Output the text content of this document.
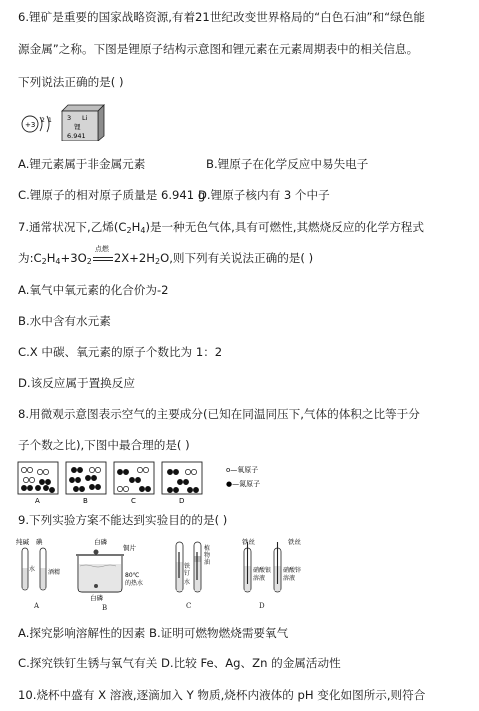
6.锂矿是重要的国家战略资源,有着21世纪改变世界格局的“白色石油”和“绿色能
源金属”之称。下图是锂原子结构示意图和锂元素在元素周期表中的相关信息。
下列说法正确的是( )
+3
2 1 3 Li
锂
6.941
A.锂元素属于非金属元素	B.锂原子在化学反应中易失电子
C.锂原子的相对原子质量是 6.941 g
D.锂原子核内有 3 个中子
7.通常状况下,乙烯$(C_2H_4)$是一种无色气体,具有可燃性,其燃烧反应的化学方程式
为$:C_2H_4+3O_2$
点燃
$2X+2H_2O$,则下列有关说法正确的是( )
A.氧气中氧元素的化合价为-2
B.水中含有水元素
C.X 中碳、氧元素的原子个数比为 1：2
D.该反应属于置换反应
8.用微观示意图表示空气的主要成分(已知在同温同压下,气体的体积之比等于分
子个数之比),下图中最合理的是( )
A	B	C	D
o—氧原子
●—氮原子
9.下列实验方案不能达到实验目的的是( )
纯碱 碘
水 酒精
A
白磷
铜片
80℃
的热水
白磷
B
植
物
油
铁
钉
水
C
铁丝	铁丝
硝酸银
溶液
硝酸锌
溶液
D
A.探究影响溶解性的因素 B.证明可燃物燃烧需要氧气
C.探究铁钉生锈与氧气有关 D.比较 Fe、Ag、Zn 的金属活动性
10.烧杯中盛有 X 溶液,逐滴加入 Y 物质,烧杯内液体的 pH 变化如图所示,则符合
